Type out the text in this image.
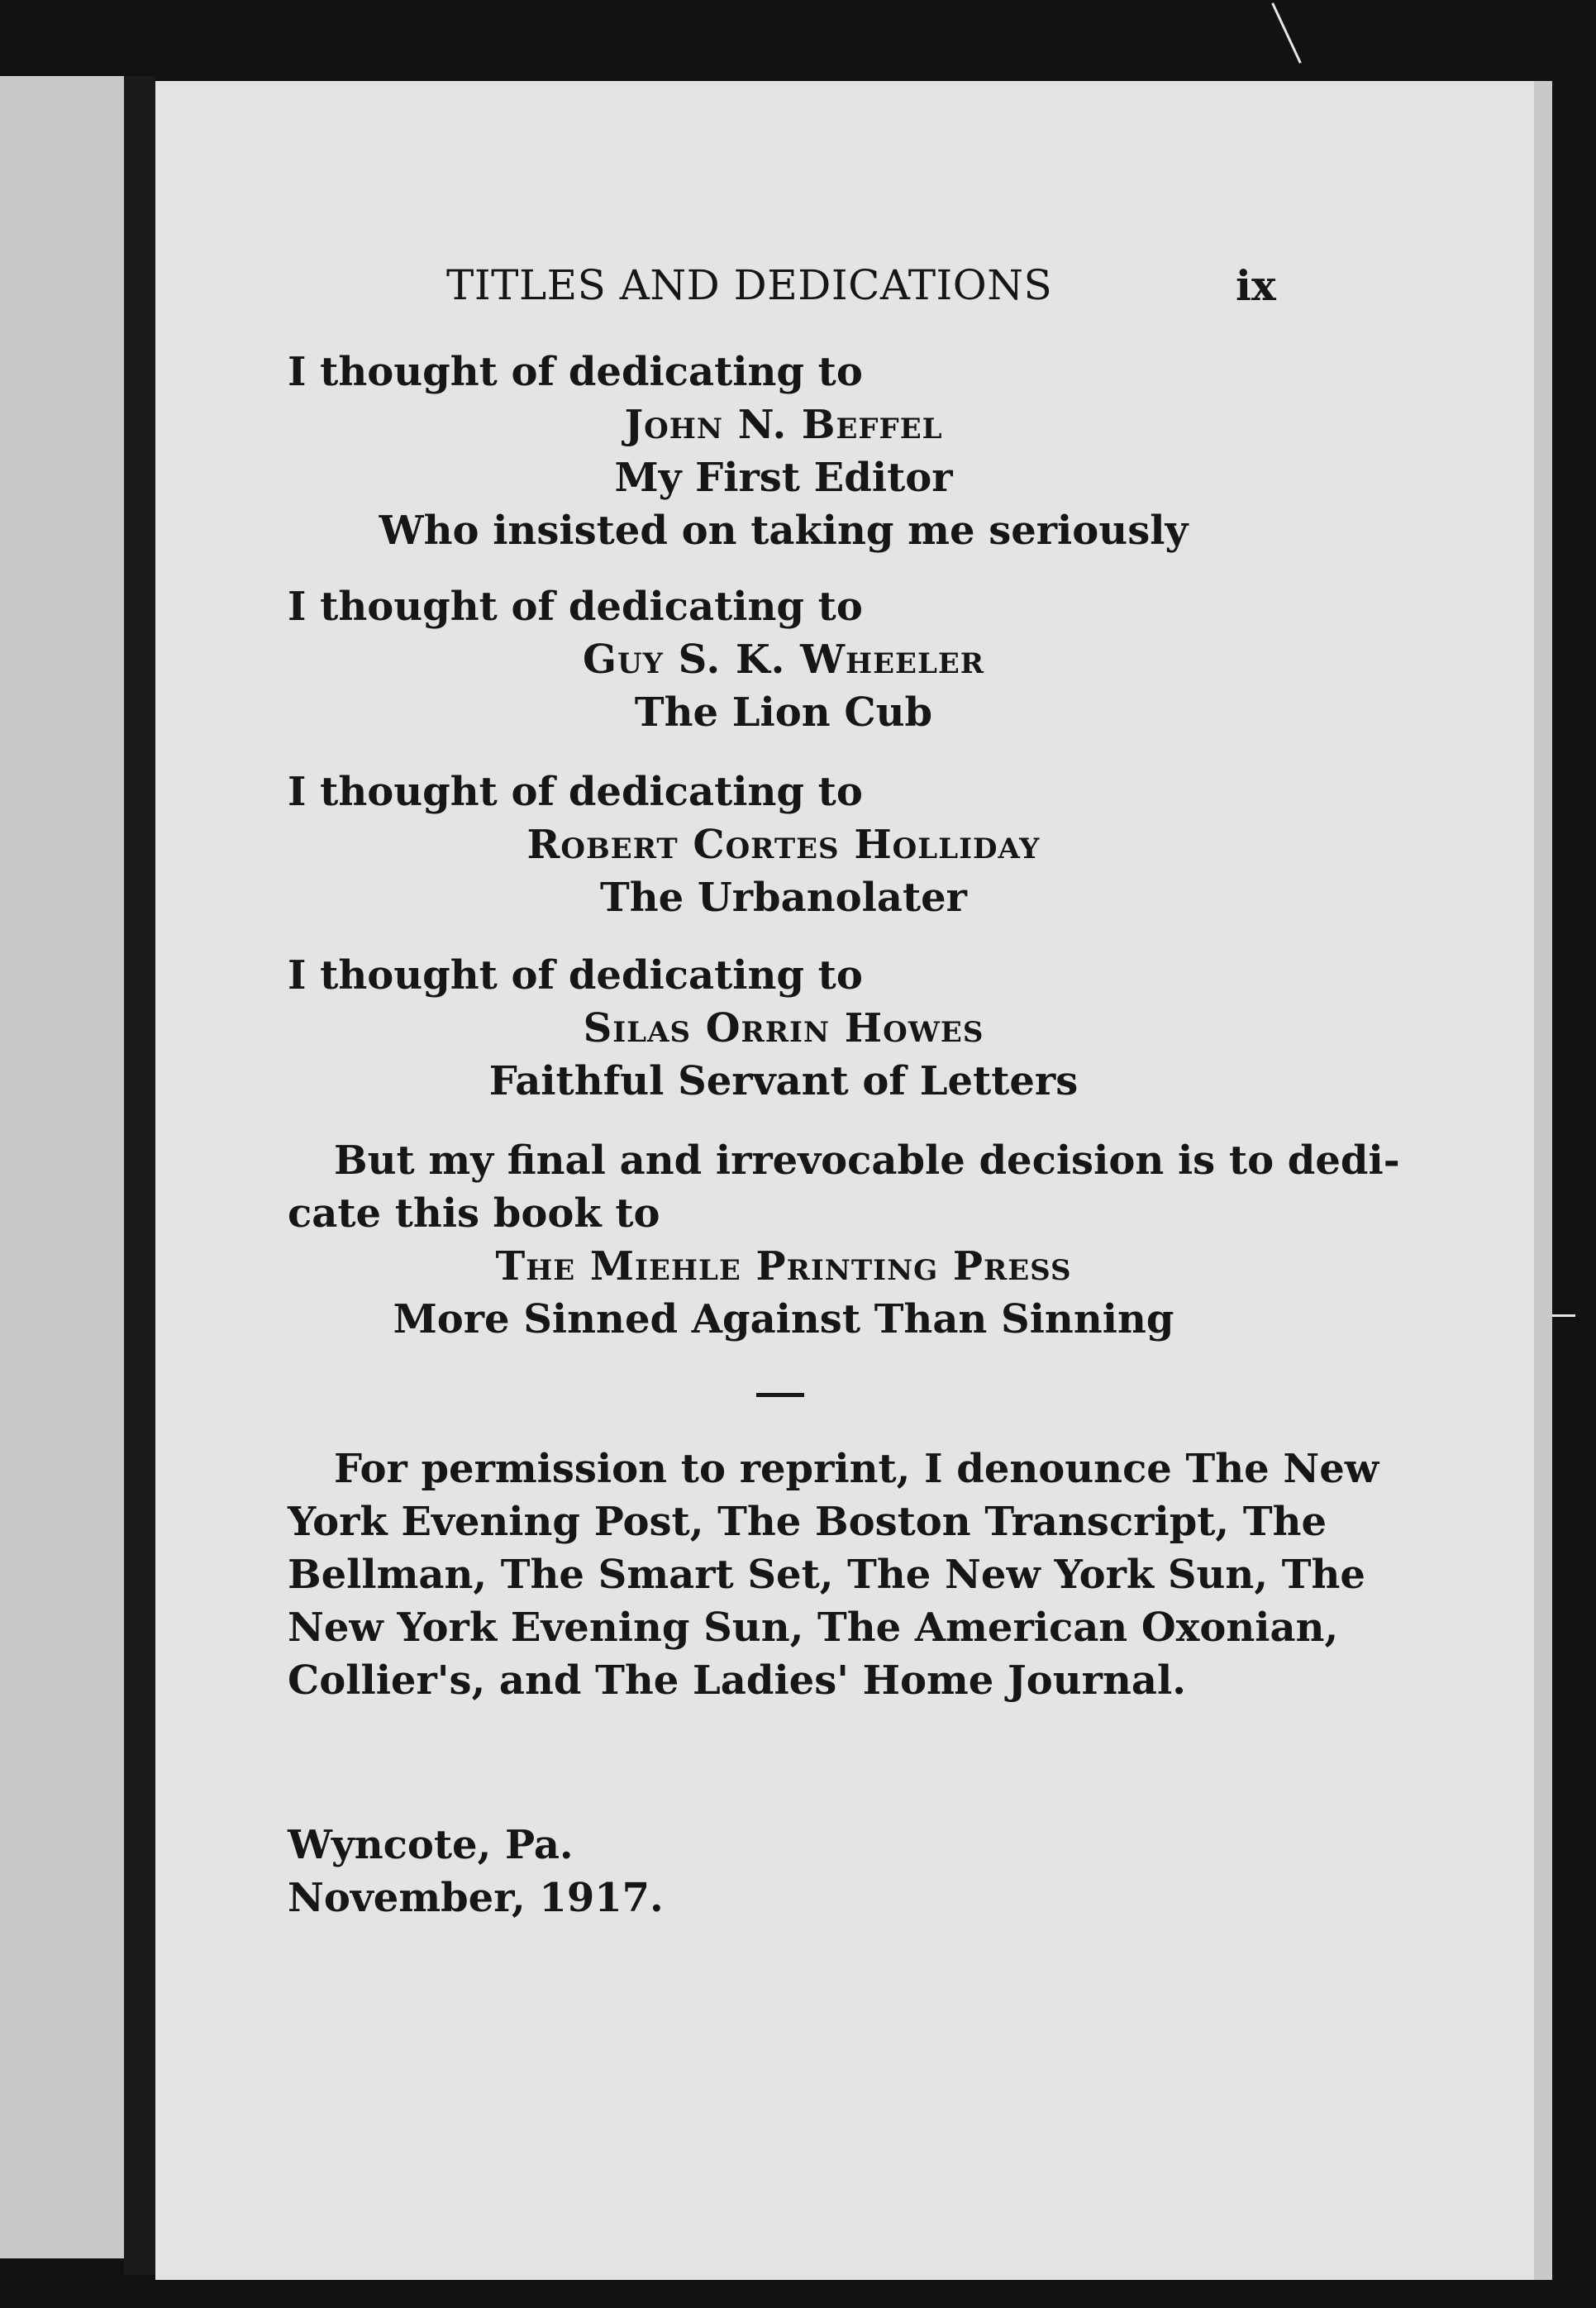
TITLES AND DEDICATIONS	ix
I thought of dedicating to
John N. Beffel
My First Editor
Who insisted on taking me seriously
I thought of dedicating to
Guy S. K. Wheeler
The Lion Cub
I thought of dedicating to
Robert Cortes Holliday
The Urbanolater
I thought of dedicating to
Silas Orrin Howes
Faithful Servant of Letters
But my final and irrevocable decision is to dedi-
cate this book to
The Miehle Printing Press
More Sinned Against Than Sinning
For permission to reprint, I denounce The New
York Evening Post, The Boston Transcript, The
Bellman, The Smart Set, The New York Sun, The
New York Evening Sun, The American Oxonian,
Collier's, and The Ladies' Home Journal.
Wyncote, Pa.
November, 1917.
